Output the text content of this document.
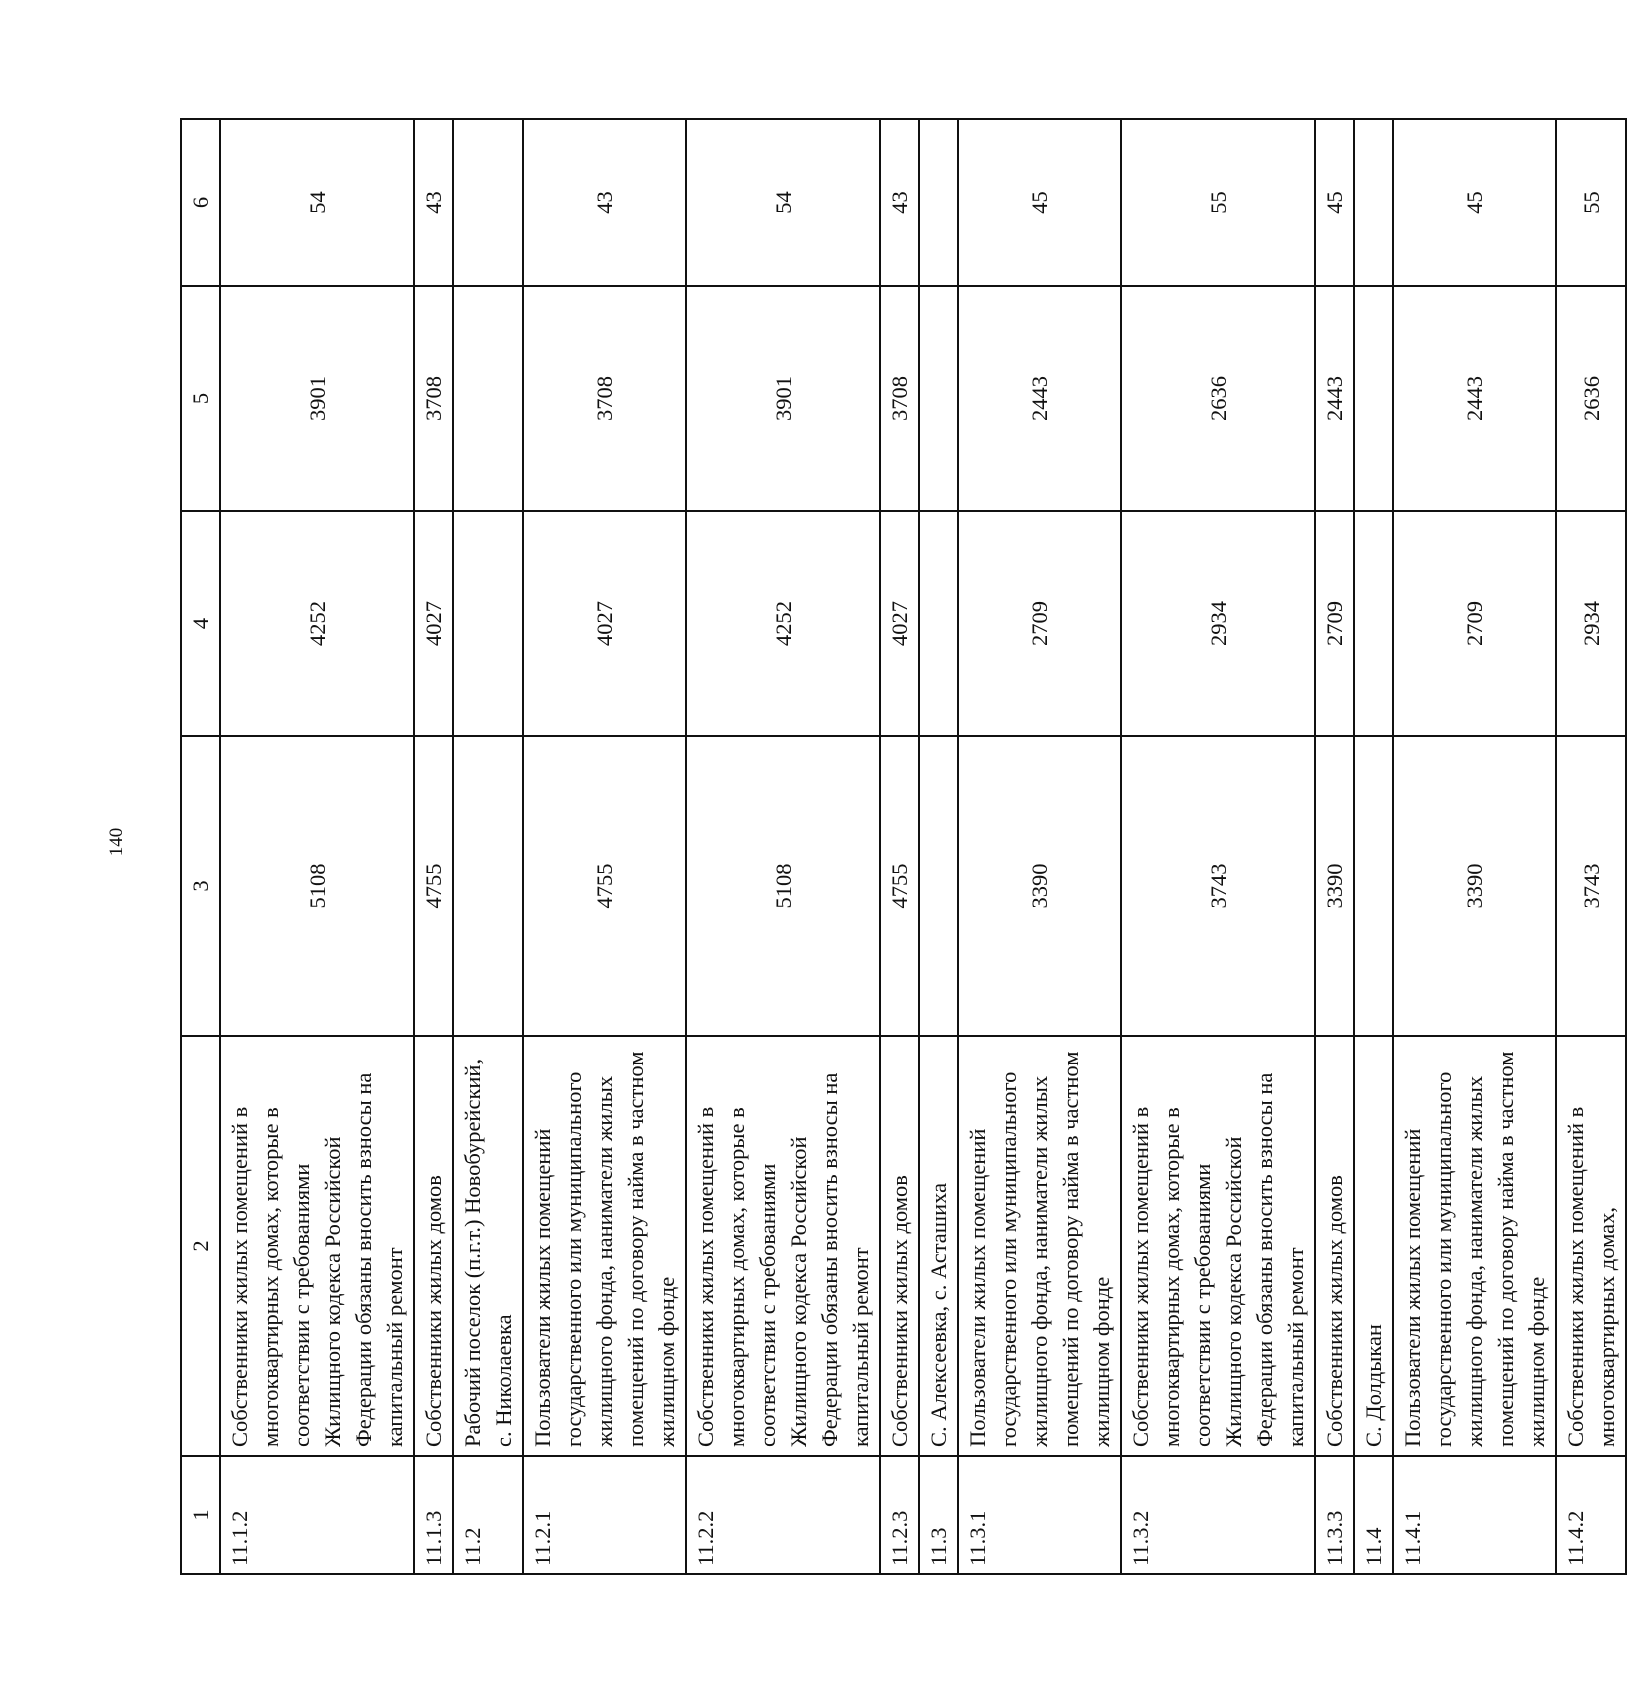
140
1	2	3	4	5	6
11.1.2	Собственники жилых помещений в многоквартирных домах, которые в соответствии с требованиями Жилищного кодекса Российской Федерации обязаны вносить взносы на капитальный ремонт	5108	4252	3901	54
11.1.3	Собственники жилых домов	4755	4027	3708	43
11.2	Рабочий поселок (п.г.т.) Новобурейский, с. Николаевка				
11.2.1	Пользователи жилых помещений государственного или муниципального жилищного фонда, наниматели жилых помещений по договору найма в частном жилищном фонде	4755	4027	3708	43
11.2.2	Собственники жилых помещений в многоквартирных домах, которые в соответствии с требованиями Жилищного кодекса Российской Федерации обязаны вносить взносы на капитальный ремонт	5108	4252	3901	54
11.2.3	Собственники жилых домов	4755	4027	3708	43
11.3	С. Алексеевка, с. Асташиха				
11.3.1	Пользователи жилых помещений государственного или муниципального жилищного фонда, наниматели жилых помещений по договору найма в частном жилищном фонде	3390	2709	2443	45
11.3.2	Собственники жилых помещений в многоквартирных домах, которые в соответствии с требованиями Жилищного кодекса Российской Федерации обязаны вносить взносы на капитальный ремонт	3743	2934	2636	55
11.3.3	Собственники жилых домов	3390	2709	2443	45
11.4	С. Долдыкан				
11.4.1	Пользователи жилых помещений государственного или муниципального жилищного фонда, наниматели жилых помещений по договору найма в частном жилищном фонде	3390	2709	2443	45
11.4.2	Собственники жилых помещений в многоквартирных домах,	3743	2934	2636	55
